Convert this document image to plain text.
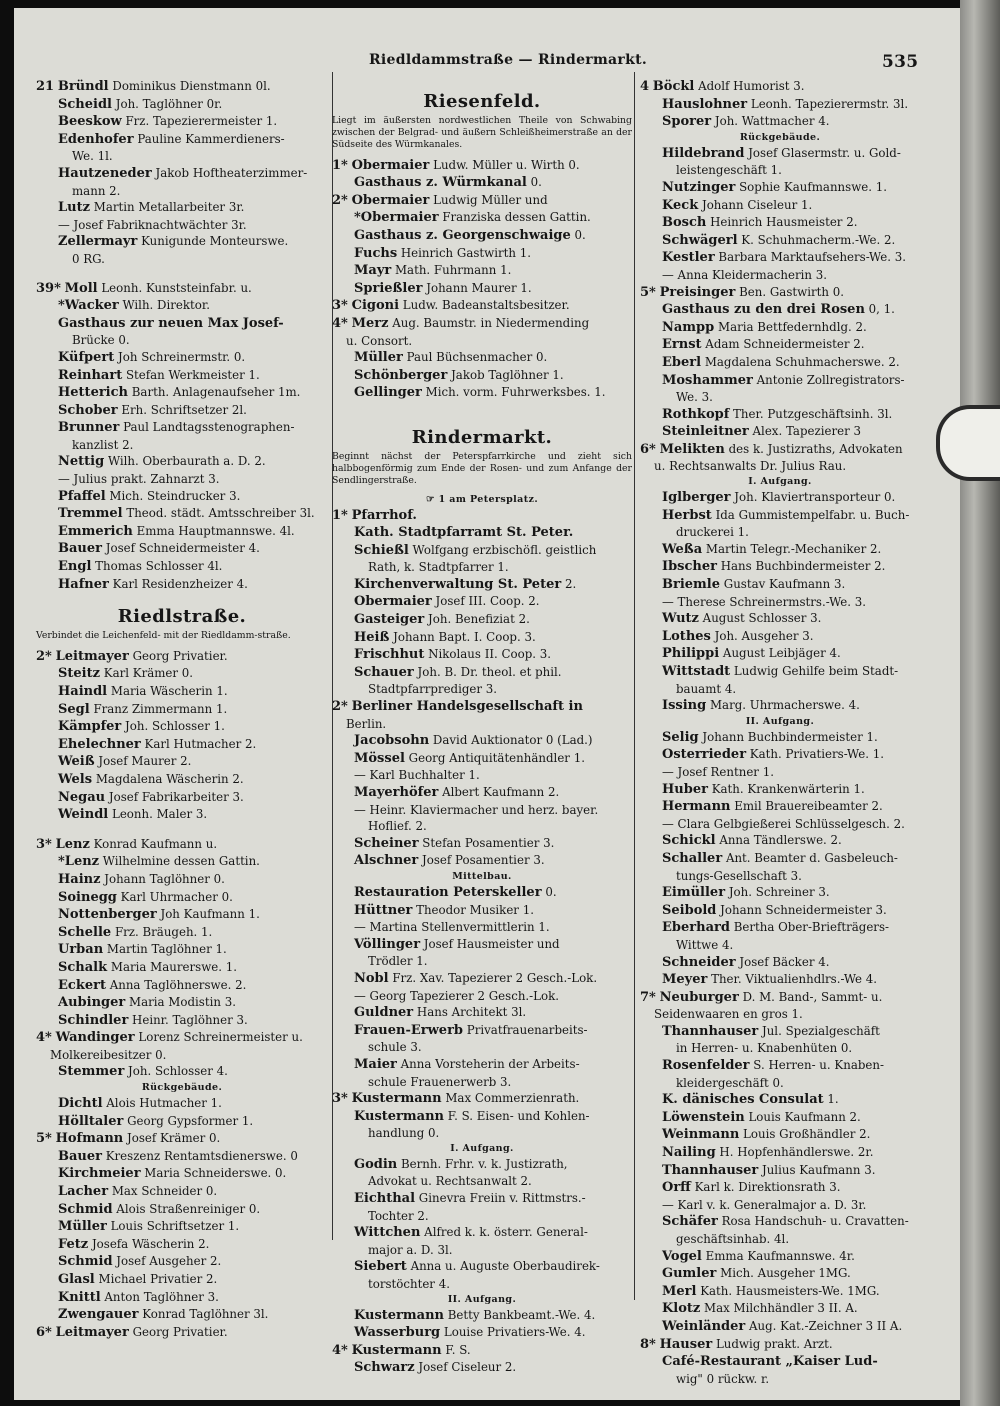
Riedldammstraße — Rindermarkt.	535
21 Bründl Dominikus Dienstmann 0l.
Scheidl Joh. Taglöhner 0r.
Beeskow Frz. Tapezierermeister 1.
Edenhofer Pauline Kammerdieners-
We. 1l.
Hautzeneder Jakob Hoftheaterzimmer-
mann 2.
Lutz Martin Metallarbeiter 3r.
— Josef Fabriknachtwächter 3r.
Zellermayr Kunigunde Monteurswe.
0 RG.
39* Moll Leonh. Kunststeinfabr. u.
*Wacker Wilh. Direktor.
Gasthaus zur neuen Max Josef-
Brücke 0.
Küfpert Joh Schreinermstr. 0.
Reinhart Stefan Werkmeister 1.
Hetterich Barth. Anlagenaufseher 1m.
Schober Erh. Schriftsetzer 2l.
Brunner Paul Landtagsstenographen-
kanzlist 2.
Nettig Wilh. Oberbaurath a. D. 2.
— Julius prakt. Zahnarzt 3.
Pfaffel Mich. Steindrucker 3.
Tremmel Theod. städt. Amtsschreiber 3l.
Emmerich Emma Hauptmannswe. 4l.
Bauer Josef Schneidermeister 4.
Engl Thomas Schlosser 4l.
Hafner Karl Residenzheizer 4.
Riedlstraße.
Verbindet die Leichenfeld- mit der Riedldamm-straße.
2* Leitmayer Georg Privatier.
Steitz Karl Krämer 0.
Haindl Maria Wäscherin 1.
Segl Franz Zimmermann 1.
Kämpfer Joh. Schlosser 1.
Ehelechner Karl Hutmacher 2.
Weiß Josef Maurer 2.
Wels Magdalena Wäscherin 2.
Negau Josef Fabrikarbeiter 3.
Weindl Leonh. Maler 3.
3* Lenz Konrad Kaufmann u.
*Lenz Wilhelmine dessen Gattin.
Hainz Johann Taglöhner 0.
Soinegg Karl Uhrmacher 0.
Nottenberger Joh Kaufmann 1.
Schelle Frz. Bräugeh. 1.
Urban Martin Taglöhner 1.
Schalk Maria Maurerswe. 1.
Eckert Anna Taglöhnerswe. 2.
Aubinger Maria Modistin 3.
Schindler Heinr. Taglöhner 3.
4* Wandinger Lorenz Schreinermeister u.
Molkereibesitzer 0.
Stemmer Joh. Schlosser 4.
Rückgebäude.
Dichtl Alois Hutmacher 1.
Hölltaler Georg Gypsformer 1.
5* Hofmann Josef Krämer 0.
Bauer Kreszenz Rentamtsdienerswe. 0
Kirchmeier Maria Schneiderswe. 0.
Lacher Max Schneider 0.
Schmid Alois Straßenreiniger 0.
Müller Louis Schriftsetzer 1.
Fetz Josefa Wäscherin 2.
Schmid Josef Ausgeher 2.
Glasl Michael Privatier 2.
Knittl Anton Taglöhner 3.
Zwengauer Konrad Taglöhner 3l.
6* Leitmayer Georg Privatier.
Riesenfeld.
Liegt im äußersten nordwestlichen Theile von Schwabing zwischen der Belgrad- und äußern Schleißheimerstraße an der Südseite des Würmkanales.
1* Obermaier Ludw. Müller u. Wirth 0.
Gasthaus z. Würmkanal 0.
2* Obermaier Ludwig Müller und
*Obermaier Franziska dessen Gattin.
Gasthaus z. Georgenschwaige 0.
Fuchs Heinrich Gastwirth 1.
Mayr Math. Fuhrmann 1.
Sprießler Johann Maurer 1.
3* Cigoni Ludw. Badeanstaltsbesitzer.
4* Merz Aug. Baumstr. in Niedermending
u. Consort.
Müller Paul Büchsenmacher 0.
Schönberger Jakob Taglöhner 1.
Gellinger Mich. vorm. Fuhrwerksbes. 1.
Rindermarkt.
Beginnt nächst der Peterspfarrkirche und zieht sich halbbogenförmig zum Ende der Rosen- und zum Anfange der Sendlingerstraße.
☞ 1 am Petersplatz.
1* Pfarrhof.
Kath. Stadtpfarramt St. Peter.
Schießl Wolfgang erzbischöfl. geistlich
Rath, k. Stadtpfarrer 1.
Kirchenverwaltung St. Peter 2.
Obermaier Josef III. Coop. 2.
Gasteiger Joh. Benefiziat 2.
Heiß Johann Bapt. I. Coop. 3.
Frischhut Nikolaus II. Coop. 3.
Schauer Joh. B. Dr. theol. et phil.
Stadtpfarrprediger 3.
2* Berliner Handelsgesellschaft in
Berlin.
Jacobsohn David Auktionator 0 (Lad.)
Mössel Georg Antiquitätenhändler 1.
— Karl Buchhalter 1.
Mayerhöfer Albert Kaufmann 2.
— Heinr. Klaviermacher und herz. bayer.
Hoflief. 2.
Scheiner Stefan Posamentier 3.
Alschner Josef Posamentier 3.
Mittelbau.
Restauration Peterskeller 0.
Hüttner Theodor Musiker 1.
— Martina Stellenvermittlerin 1.
Völlinger Josef Hausmeister und
Trödler 1.
Nobl Frz. Xav. Tapezierer 2 Gesch.-Lok.
— Georg Tapezierer 2 Gesch.-Lok.
Guldner Hans Architekt 3l.
Frauen-Erwerb Privatfrauenarbeits-
schule 3.
Maier Anna Vorsteherin der Arbeits-
schule Frauenerwerb 3.
3* Kustermann Max Commerzienrath.
Kustermann F. S. Eisen- und Kohlen-
handlung 0.
I. Aufgang.
Godin Bernh. Frhr. v. k. Justizrath,
Advokat u. Rechtsanwalt 2.
Eichthal Ginevra Freiin v. Rittmstrs.-
Tochter 2.
Wittchen Alfred k. k. österr. General-
major a. D. 3l.
Siebert Anna u. Auguste Oberbaudirek-
torstöchter 4.
II. Aufgang.
Kustermann Betty Bankbeamt.-We. 4.
Wasserburg Louise Privatiers-We. 4.
4* Kustermann F. S.
Schwarz Josef Ciseleur 2.
4 Böckl Adolf Humorist 3.
Hauslohner Leonh. Tapezierermstr. 3l.
Sporer Joh. Wattmacher 4.
Rückgebäude.
Hildebrand Josef Glasermstr. u. Gold-
leistengeschäft 1.
Nutzinger Sophie Kaufmannswe. 1.
Keck Johann Ciseleur 1.
Bosch Heinrich Hausmeister 2.
Schwägerl K. Schuhmacherm.-We. 2.
Kestler Barbara Marktaufsehers-We. 3.
— Anna Kleidermacherin 3.
5* Preisinger Ben. Gastwirth 0.
Gasthaus zu den drei Rosen 0, 1.
Nampp Maria Bettfedernhdlg. 2.
Ernst Adam Schneidermeister 2.
Eberl Magdalena Schuhmacherswe. 2.
Moshammer Antonie Zollregistrators-
We. 3.
Rothkopf Ther. Putzgeschäftsinh. 3l.
Steinleitner Alex. Tapezierer 3
6* Melikten des k. Justizraths, Advokaten
u. Rechtsanwalts Dr. Julius Rau.
I. Aufgang.
Iglberger Joh. Klaviertransporteur 0.
Herbst Ida Gummistempelfabr. u. Buch-
druckerei 1.
Weßa Martin Telegr.-Mechaniker 2.
Ibscher Hans Buchbindermeister 2.
Briemle Gustav Kaufmann 3.
— Therese Schreinermstrs.-We. 3.
Wutz August Schlosser 3.
Lothes Joh. Ausgeher 3.
Philippi August Leibjäger 4.
Wittstadt Ludwig Gehilfe beim Stadt-
bauamt 4.
Issing Marg. Uhrmacherswe. 4.
II. Aufgang.
Selig Johann Buchbindermeister 1.
Osterrieder Kath. Privatiers-We. 1.
— Josef Rentner 1.
Huber Kath. Krankenwärterin 1.
Hermann Emil Brauereibeamter 2.
— Clara Gelbgießerei Schlüsselgesch. 2.
Schickl Anna Tändlerswe. 2.
Schaller Ant. Beamter d. Gasbeleuch-
tungs-Gesellschaft 3.
Eimüller Joh. Schreiner 3.
Seibold Johann Schneidermeister 3.
Eberhard Bertha Ober-Briefträgers-
Wittwe 4.
Schneider Josef Bäcker 4.
Meyer Ther. Viktualienhdlrs.-We 4.
7* Neuburger D. M. Band-, Sammt- u.
Seidenwaaren en gros 1.
Thannhauser Jul. Spezialgeschäft
in Herren- u. Knabenhüten 0.
Rosenfelder S. Herren- u. Knaben-
kleidergeschäft 0.
K. dänisches Consulat 1.
Löwenstein Louis Kaufmann 2.
Weinmann Louis Großhändler 2.
Nailing H. Hopfenhändlerswe. 2r.
Thannhauser Julius Kaufmann 3.
Orff Karl k. Direktionsrath 3.
— Karl v. k. Generalmajor a. D. 3r.
Schäfer Rosa Handschuh- u. Cravatten-
geschäftsinhab. 4l.
Vogel Emma Kaufmannswe. 4r.
Gumler Mich. Ausgeher 1MG.
Merl Kath. Hausmeisters-We. 1MG.
Klotz Max Milchhändler 3 II. A.
Weinländer Aug. Kat.-Zeichner 3 II A.
8* Hauser Ludwig prakt. Arzt.
Café-Restaurant „Kaiser Lud-
wig" 0 rückw. r.
